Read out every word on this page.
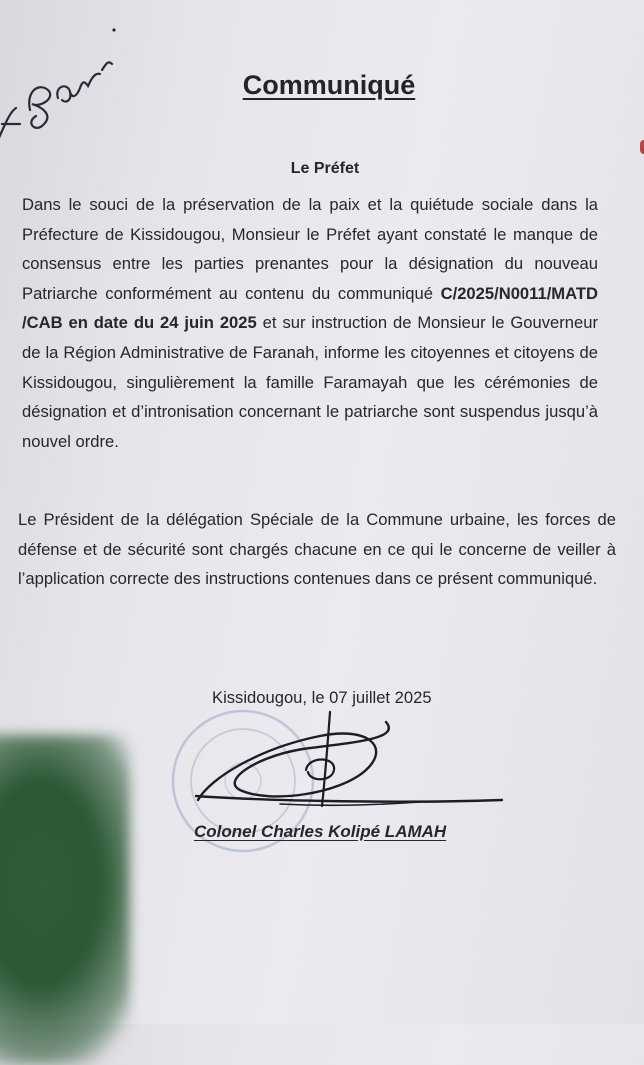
Communiqué
Le Préfet

Dans le souci de la préservation de la paix et la quiétude sociale dans la Préfecture de Kissidougou, Monsieur le Préfet ayant constaté le manque de consensus entre les parties prenantes pour la désignation du nouveau Patriarche conformément au contenu du communiqué C/2025/N0011/MATD /CAB en date du 24 juin 2025 et sur instruction de Monsieur le Gouverneur de la Région Administrative de Faranah, informe les citoyennes et citoyens de Kissidougou, singulièrement la famille Faramayah que les cérémonies de désignation et d’intronisation concernant le patriarche sont suspendus jusqu’à nouvel ordre.

Le Président de la délégation Spéciale de la Commune urbaine, les forces de défense et de sécurité sont chargés chacune en ce qui le concerne de veiller à l’application correcte des instructions contenues dans ce présent communiqué.

Kissidougou, le 07 juillet 2025
Colonel Charles Kolipé LAMAH
